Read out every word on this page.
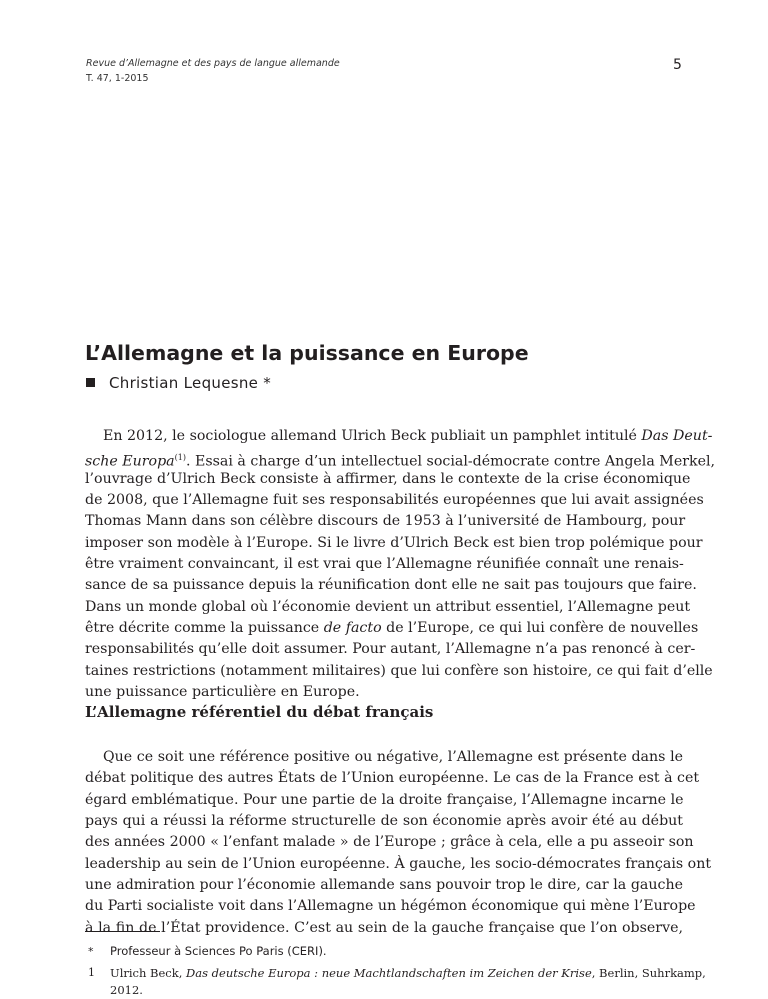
Revue d’Allemagne et des pays de langue allemande
T. 47, 1-2015
5
L’Allemagne et la puissance en Europe
Christian Lequesne *
En 2012, le sociologue allemand Ulrich Beck publiait un pamphlet intitulé Das Deut-
sche Europa$^{(1)}$. Essai à charge d’un intellectuel social-démocrate contre Angela Merkel,
l’ouvrage d’Ulrich Beck consiste à affirmer, dans le contexte de la crise économique
de 2008, que l’Allemagne fuit ses responsabilités européennes que lui avait assignées
Thomas Mann dans son célèbre discours de 1953 à l’université de Hambourg, pour
imposer son modèle à l’Europe. Si le livre d’Ulrich Beck est bien trop polémique pour
être vraiment convaincant, il est vrai que l’Allemagne réunifiée connaît une renais-
sance de sa puissance depuis la réunification dont elle ne sait pas toujours que faire.
Dans un monde global où l’économie devient un attribut essentiel, l’Allemagne peut
être décrite comme la puissance de facto de l’Europe, ce qui lui confère de nouvelles
responsabilités qu’elle doit assumer. Pour autant, l’Allemagne n’a pas renoncé à cer-
taines restrictions (notamment militaires) que lui confère son histoire, ce qui fait d’elle
une puissance particulière en Europe.
L’Allemagne référentiel du débat français
Que ce soit une référence positive ou négative, l’Allemagne est présente dans le
débat politique des autres États de l’Union européenne. Le cas de la France est à cet
égard emblématique. Pour une partie de la droite française, l’Allemagne incarne le
pays qui a réussi la réforme structurelle de son économie après avoir été au début
des années 2000 « l’enfant malade » de l’Europe ; grâce à cela, elle a pu asseoir son
leadership au sein de l’Union européenne. À gauche, les socio-démocrates français ont
une admiration pour l’économie allemande sans pouvoir trop le dire, car la gauche
du Parti socialiste voit dans l’Allemagne un hégémon économique qui mène l’Europe
à la fin de l’État providence. C’est au sein de la gauche française que l’on observe,
* Professeur à Sciences Po Paris (CERI).
1 Ulrich Beck, Das deutsche Europa : neue Machtlandschaften im Zeichen der Krise, Berlin, Suhrkamp,
2012.
